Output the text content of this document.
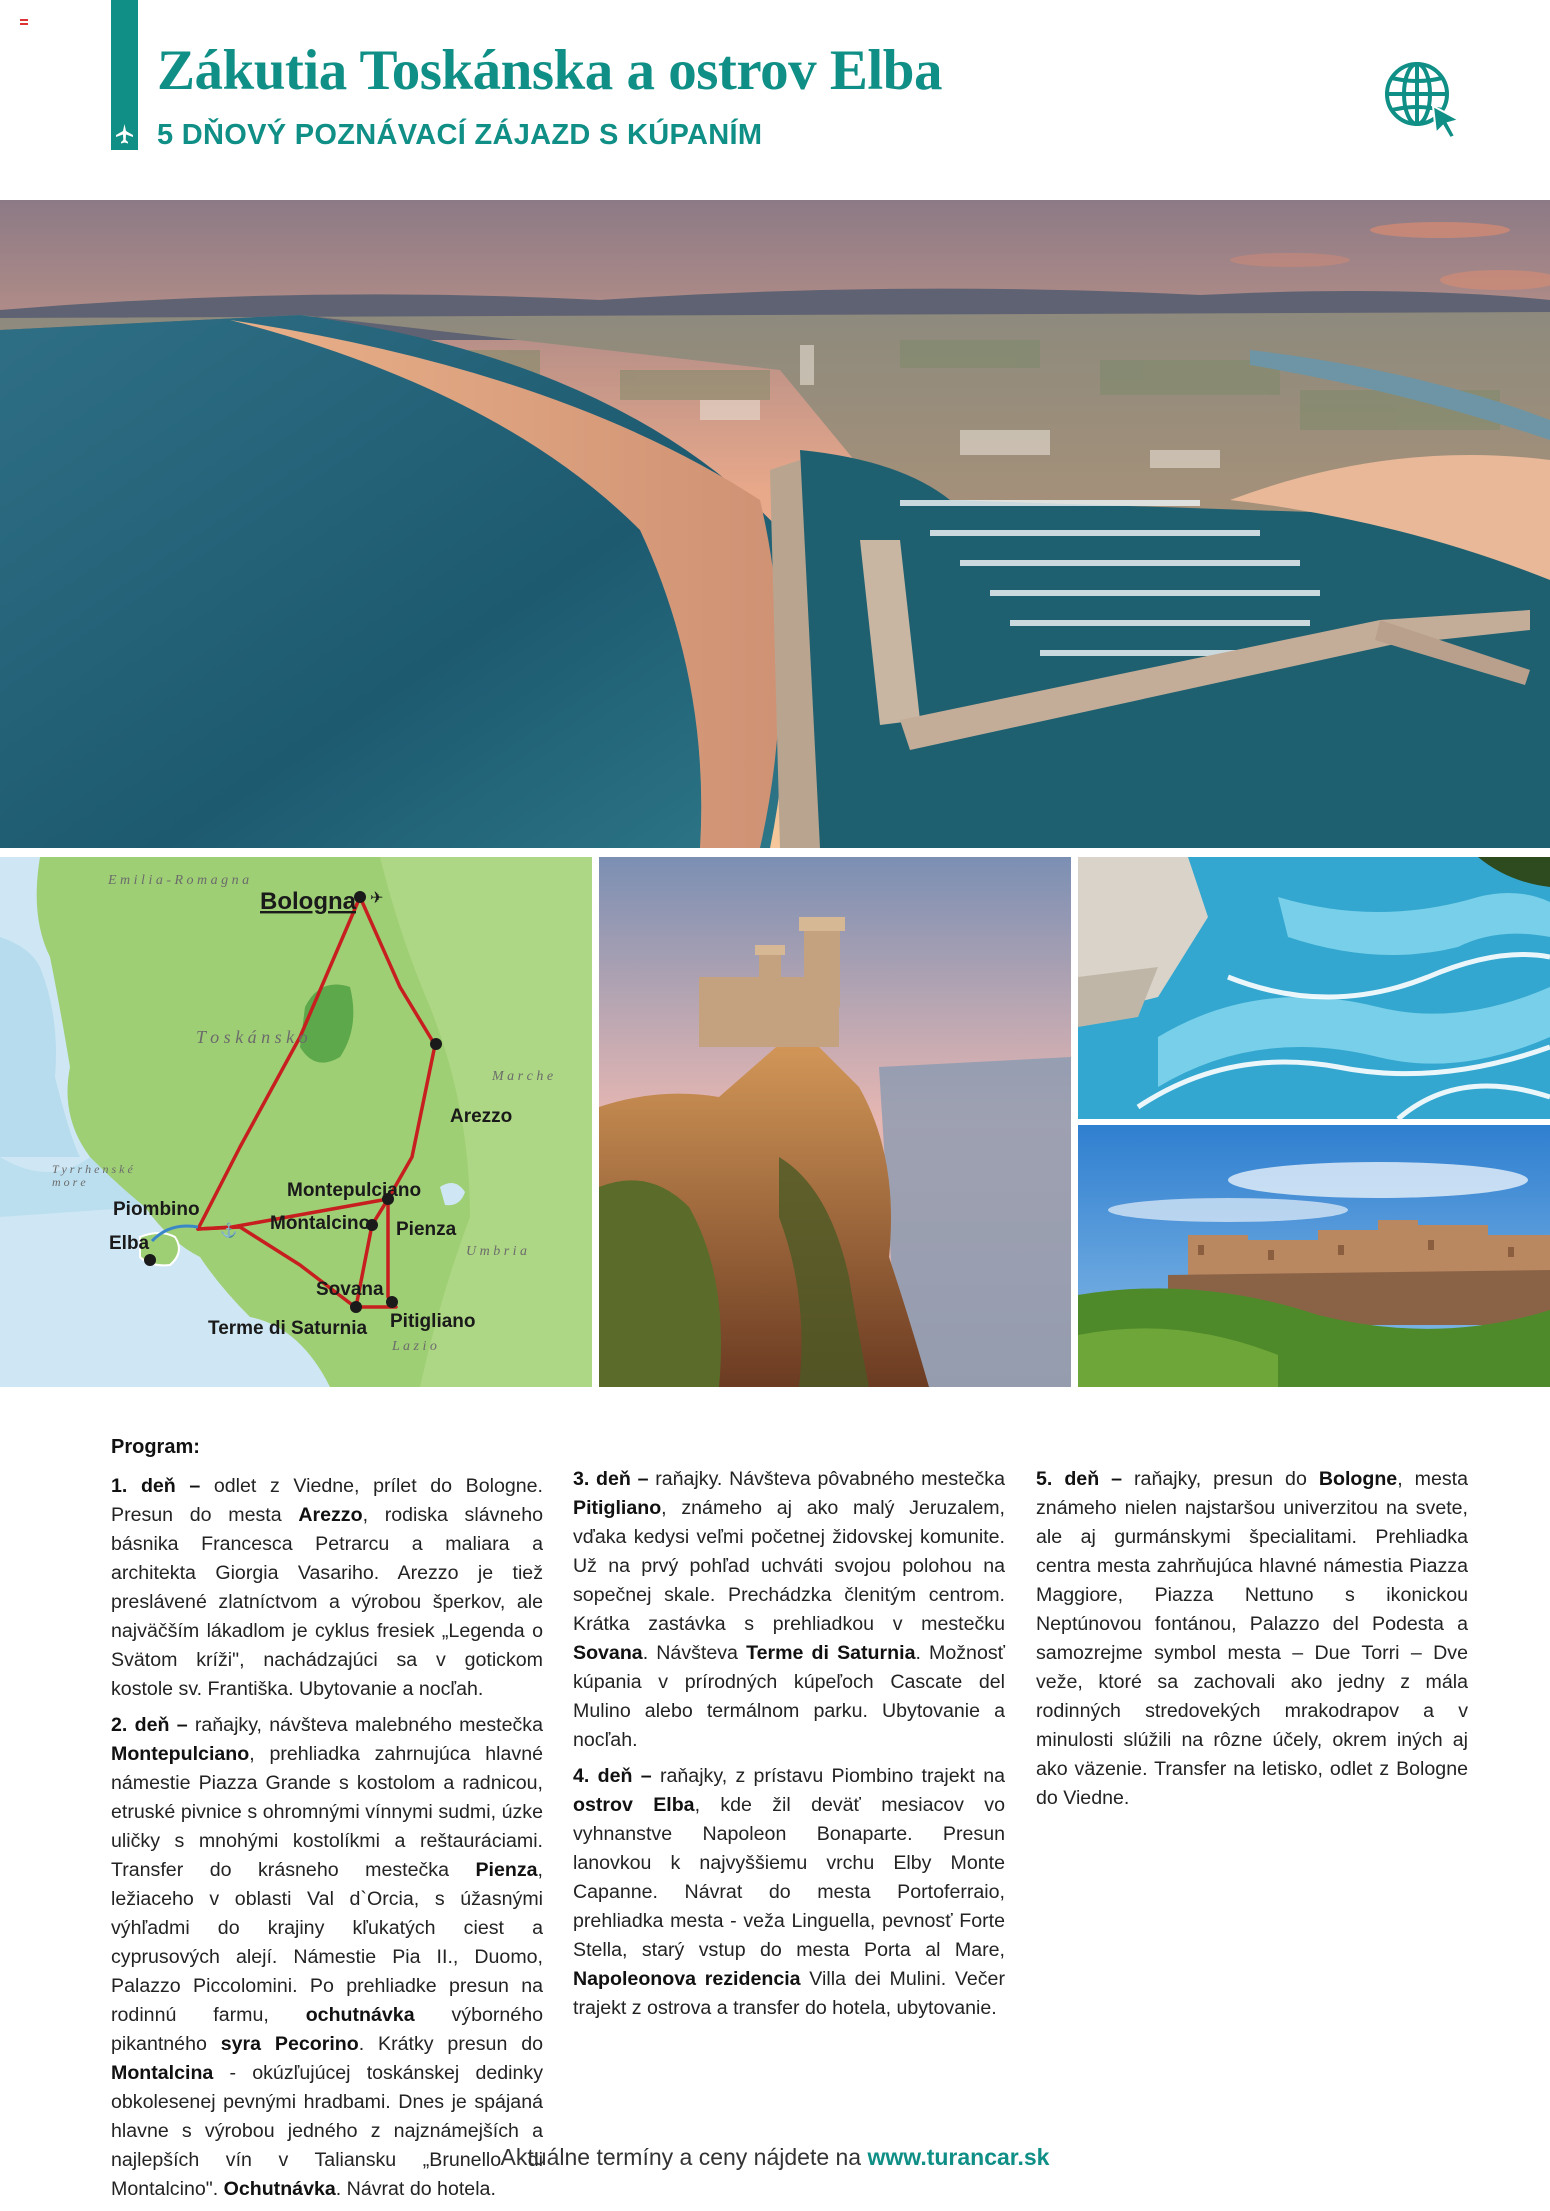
Zákutia Toskánska a ostrov Elba
5 DŇOVÝ POZNÁVACÍ ZÁJAZD S KÚPANÍM
⚓
✈
E m i l i a - R o m a g n a
T o s k á n s k o
M a r c h e
U m b r i a
L a z i o
T y r r h e n s k é
m o r e
Bologna
Arezzo
Montepulciano
Montalcino Pienza
Piombino
Elba
Sovana
Pitigliano
Terme di Saturnia

Program:

1. deň – odlet z Viedne, prílet do Bologne. Presun do mesta Arezzo, rodiska slávneho básnika Francesca Petrarcu a maliara a architekta Giorgia Vasariho. Arezzo je tiež preslávené zlatníctvom a výrobou šperkov, ale najväčším lákadlom je cyklus fresiek „Legenda o Svätom kríži", nachádzajúci sa v gotickom kostole sv. Františka. Ubytovanie a nocľah.

2. deň – raňajky, návšteva malebného mestečka Montepulciano, prehliadka zahrnujúca hlavné námestie Piazza Grande s kostolom a radnicou, etruské pivnice s ohromnými vínnymi sudmi, úzke uličky s mnohými kostolíkmi a reštauráciami. Transfer do krásneho mestečka Pienza, ležiaceho v oblasti Val d`Orcia, s úžasnými výhľadmi do krajiny kľukatých ciest a cyprusových alejí. Námestie Pia II., Duomo, Palazzo Piccolomini. Po prehliadke presun na rodinnú farmu, ochutnávka výborného pikantného syra Pecorino. Krátky presun do Montalcina - okúzľujúcej toskánskej dedinky obkolesenej pevnými hradbami. Dnes je spájaná hlavne s výrobou jedného z najznámejších a najlepších vín v Taliansku „Brunello di Montalcino". Ochutnávka. Návrat do hotela.

3. deň – raňajky. Návšteva pôvabného mestečka Pitigliano, známeho aj ako malý Jeruzalem, vďaka kedysi veľmi početnej židovskej komunite. Už na prvý pohľad uchváti svojou polohou na sopečnej skale. Prechádzka členitým centrom. Krátka zastávka s prehliadkou v mestečku Sovana. Návšteva Terme di Saturnia. Možnosť kúpania v prírodných kúpeľoch Cascate del Mulino alebo termálnom parku. Ubytovanie a nocľah.

4. deň – raňajky, z prístavu Piombino trajekt na ostrov Elba, kde žil deväť mesiacov vo vyhnanstve Napoleon Bonaparte. Presun lanovkou k najvyššiemu vrchu Elby Monte Capanne. Návrat do mesta Portoferraio, prehliadka mesta - veža Linguella, pevnosť Forte Stella, starý vstup do mesta Porta al Mare, Napoleonova rezidencia Villa dei Mulini. Večer trajekt z ostrova a transfer do hotela, ubytovanie.

5. deň – raňajky, presun do Bologne, mesta známeho nielen najstaršou univerzitou na svete, ale aj gurmánskymi špecialitami. Prehliadka centra mesta zahrňujúca hlavné námestia Piazza Maggiore, Piazza Nettuno s ikonickou Neptúnovou fontánou, Palazzo del Podesta a samozrejme symbol mesta – Due Torri – Dve veže, ktoré sa zachovali ako jedny z mála rodinných stredovekých mrakodrapov a v minulosti slúžili na rôzne účely, okrem iných aj ako väzenie. Transfer na letisko, odlet z Bologne do Viedne.

Aktuálne termíny a ceny nájdete na www.turancar.sk
